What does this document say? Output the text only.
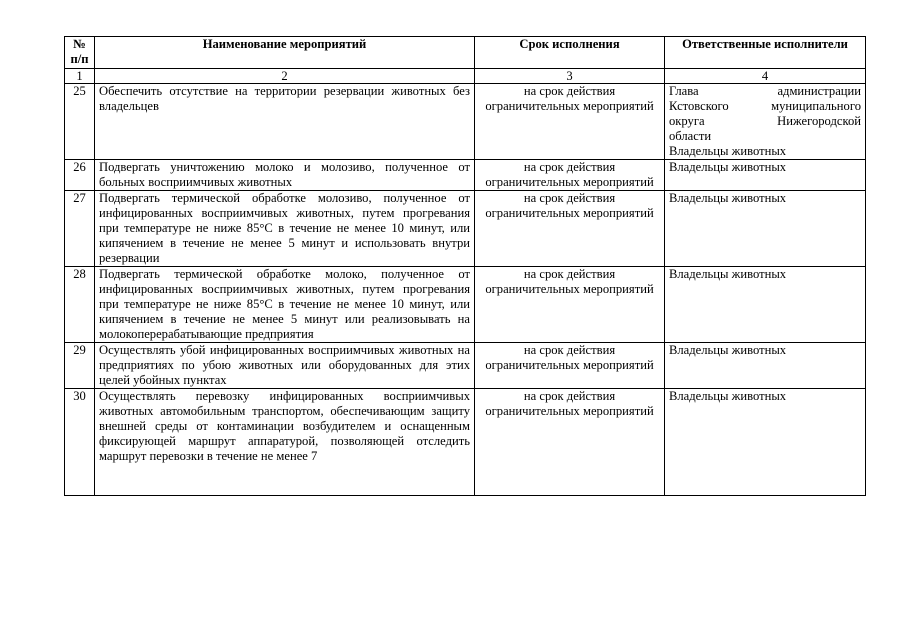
№ п/п	Наименование мероприятий	Срок исполнения	Ответственные исполнители
1	2	3	4
25	Обеспечить отсутствие на территории резервации животных без владельцев	на срок действия ограничительных мероприятий	Глава администрации
Кстовского муниципального
округа Нижегородской
области
Владельцы животных

26	Подвергать уничтожению молоко и молозиво, полученное от больных восприимчивых животных	на срок действия ограничительных мероприятий	Владельцы животных

27	Подвергать термической обработке молозиво, полученное от инфицированных восприимчивых животных, путем прогревания при температуре не ниже 85°С в течение не менее 10 минут, или кипячением в течение не менее 5 минут и использовать внутри резервации	на срок действия ограничительных мероприятий	Владельцы животных

28	Подвергать термической обработке молоко, полученное от инфицированных восприимчивых животных, путем прогревания при температуре не ниже 85°С в течение не менее 10 минут, или кипячением в течение не менее 5 минут или реализовывать на молокоперерабатывающие предприятия	на срок действия ограничительных мероприятий	Владельцы животных

29	Осуществлять убой инфицированных восприимчивых животных на предприятиях по убою животных или оборудованных для этих целей убойных пунктах	на срок действия ограничительных мероприятий	Владельцы животных

30	Осуществлять перевозку инфицированных восприимчивых животных автомобильным транспортом, обеспечивающим защиту внешней среды от контаминации возбудителем и оснащенным фиксирующей маршрут аппаратурой, позволяющей отследить маршрут перевозки в течение не менее 7	на срок действия ограничительных мероприятий	Владельцы животных
